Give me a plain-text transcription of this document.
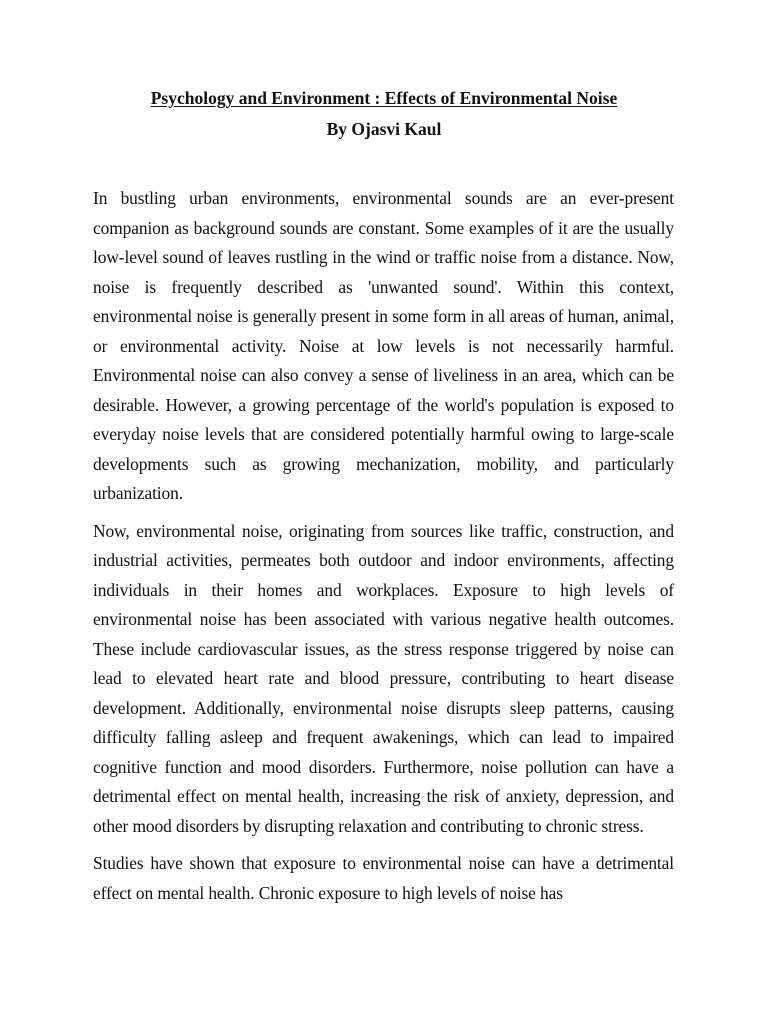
Psychology and Environment : Effects of Environmental Noise
By Ojasvi Kaul

In bustling urban environments, environmental sounds are an ever-present companion as background sounds are constant. Some examples of it are the usually low-level sound of leaves rustling in the wind or traffic noise from a distance. Now, noise is frequently described as 'unwanted sound'. Within this context, environmental noise is generally present in some form in all areas of human, animal, or environmental activity. Noise at low levels is not necessarily harmful. Environmental noise can also convey a sense of liveliness in an area, which can be desirable. However, a growing percentage of the world's population is exposed to everyday noise levels that are considered potentially harmful owing to large-scale developments such as growing mechanization, mobility, and particularly urbanization.

Now, environmental noise, originating from sources like traffic, construction, and industrial activities, permeates both outdoor and indoor environments, affecting individuals in their homes and workplaces. Exposure to high levels of environmental noise has been associated with various negative health outcomes. These include cardiovascular issues, as the stress response triggered by noise can lead to elevated heart rate and blood pressure, contributing to heart disease development. Additionally, environmental noise disrupts sleep patterns, causing difficulty falling asleep and frequent awakenings, which can lead to impaired cognitive function and mood disorders. Furthermore, noise pollution can have a detrimental effect on mental health, increasing the risk of anxiety, depression, and other mood disorders by disrupting relaxation and contributing to chronic stress.

Studies have shown that exposure to environmental noise can have a detrimental effect on mental health. Chronic exposure to high levels of noise has
